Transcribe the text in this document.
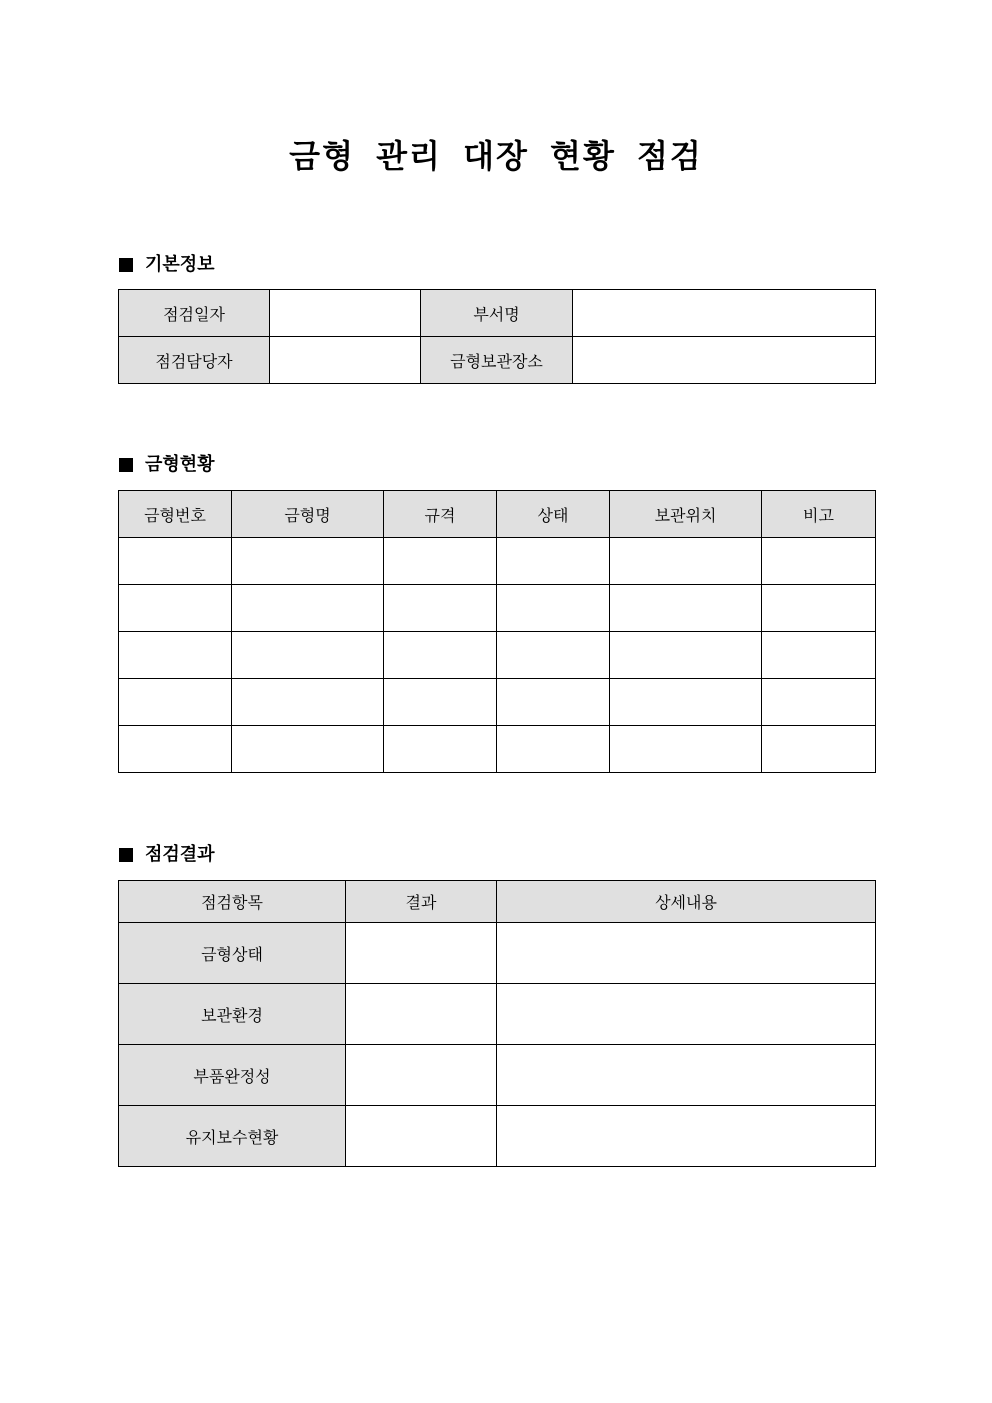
금형 관리 대장 현황 점검
기본정보
점검일자		부서명	
점검담당자		금형보관장소	
금형현황
금형번호	금형명	규격	상태	보관위치	비고

점검결과
점검항목	결과	상세내용
금형상태		
보관환경		
부품완정성		
유지보수현황		
